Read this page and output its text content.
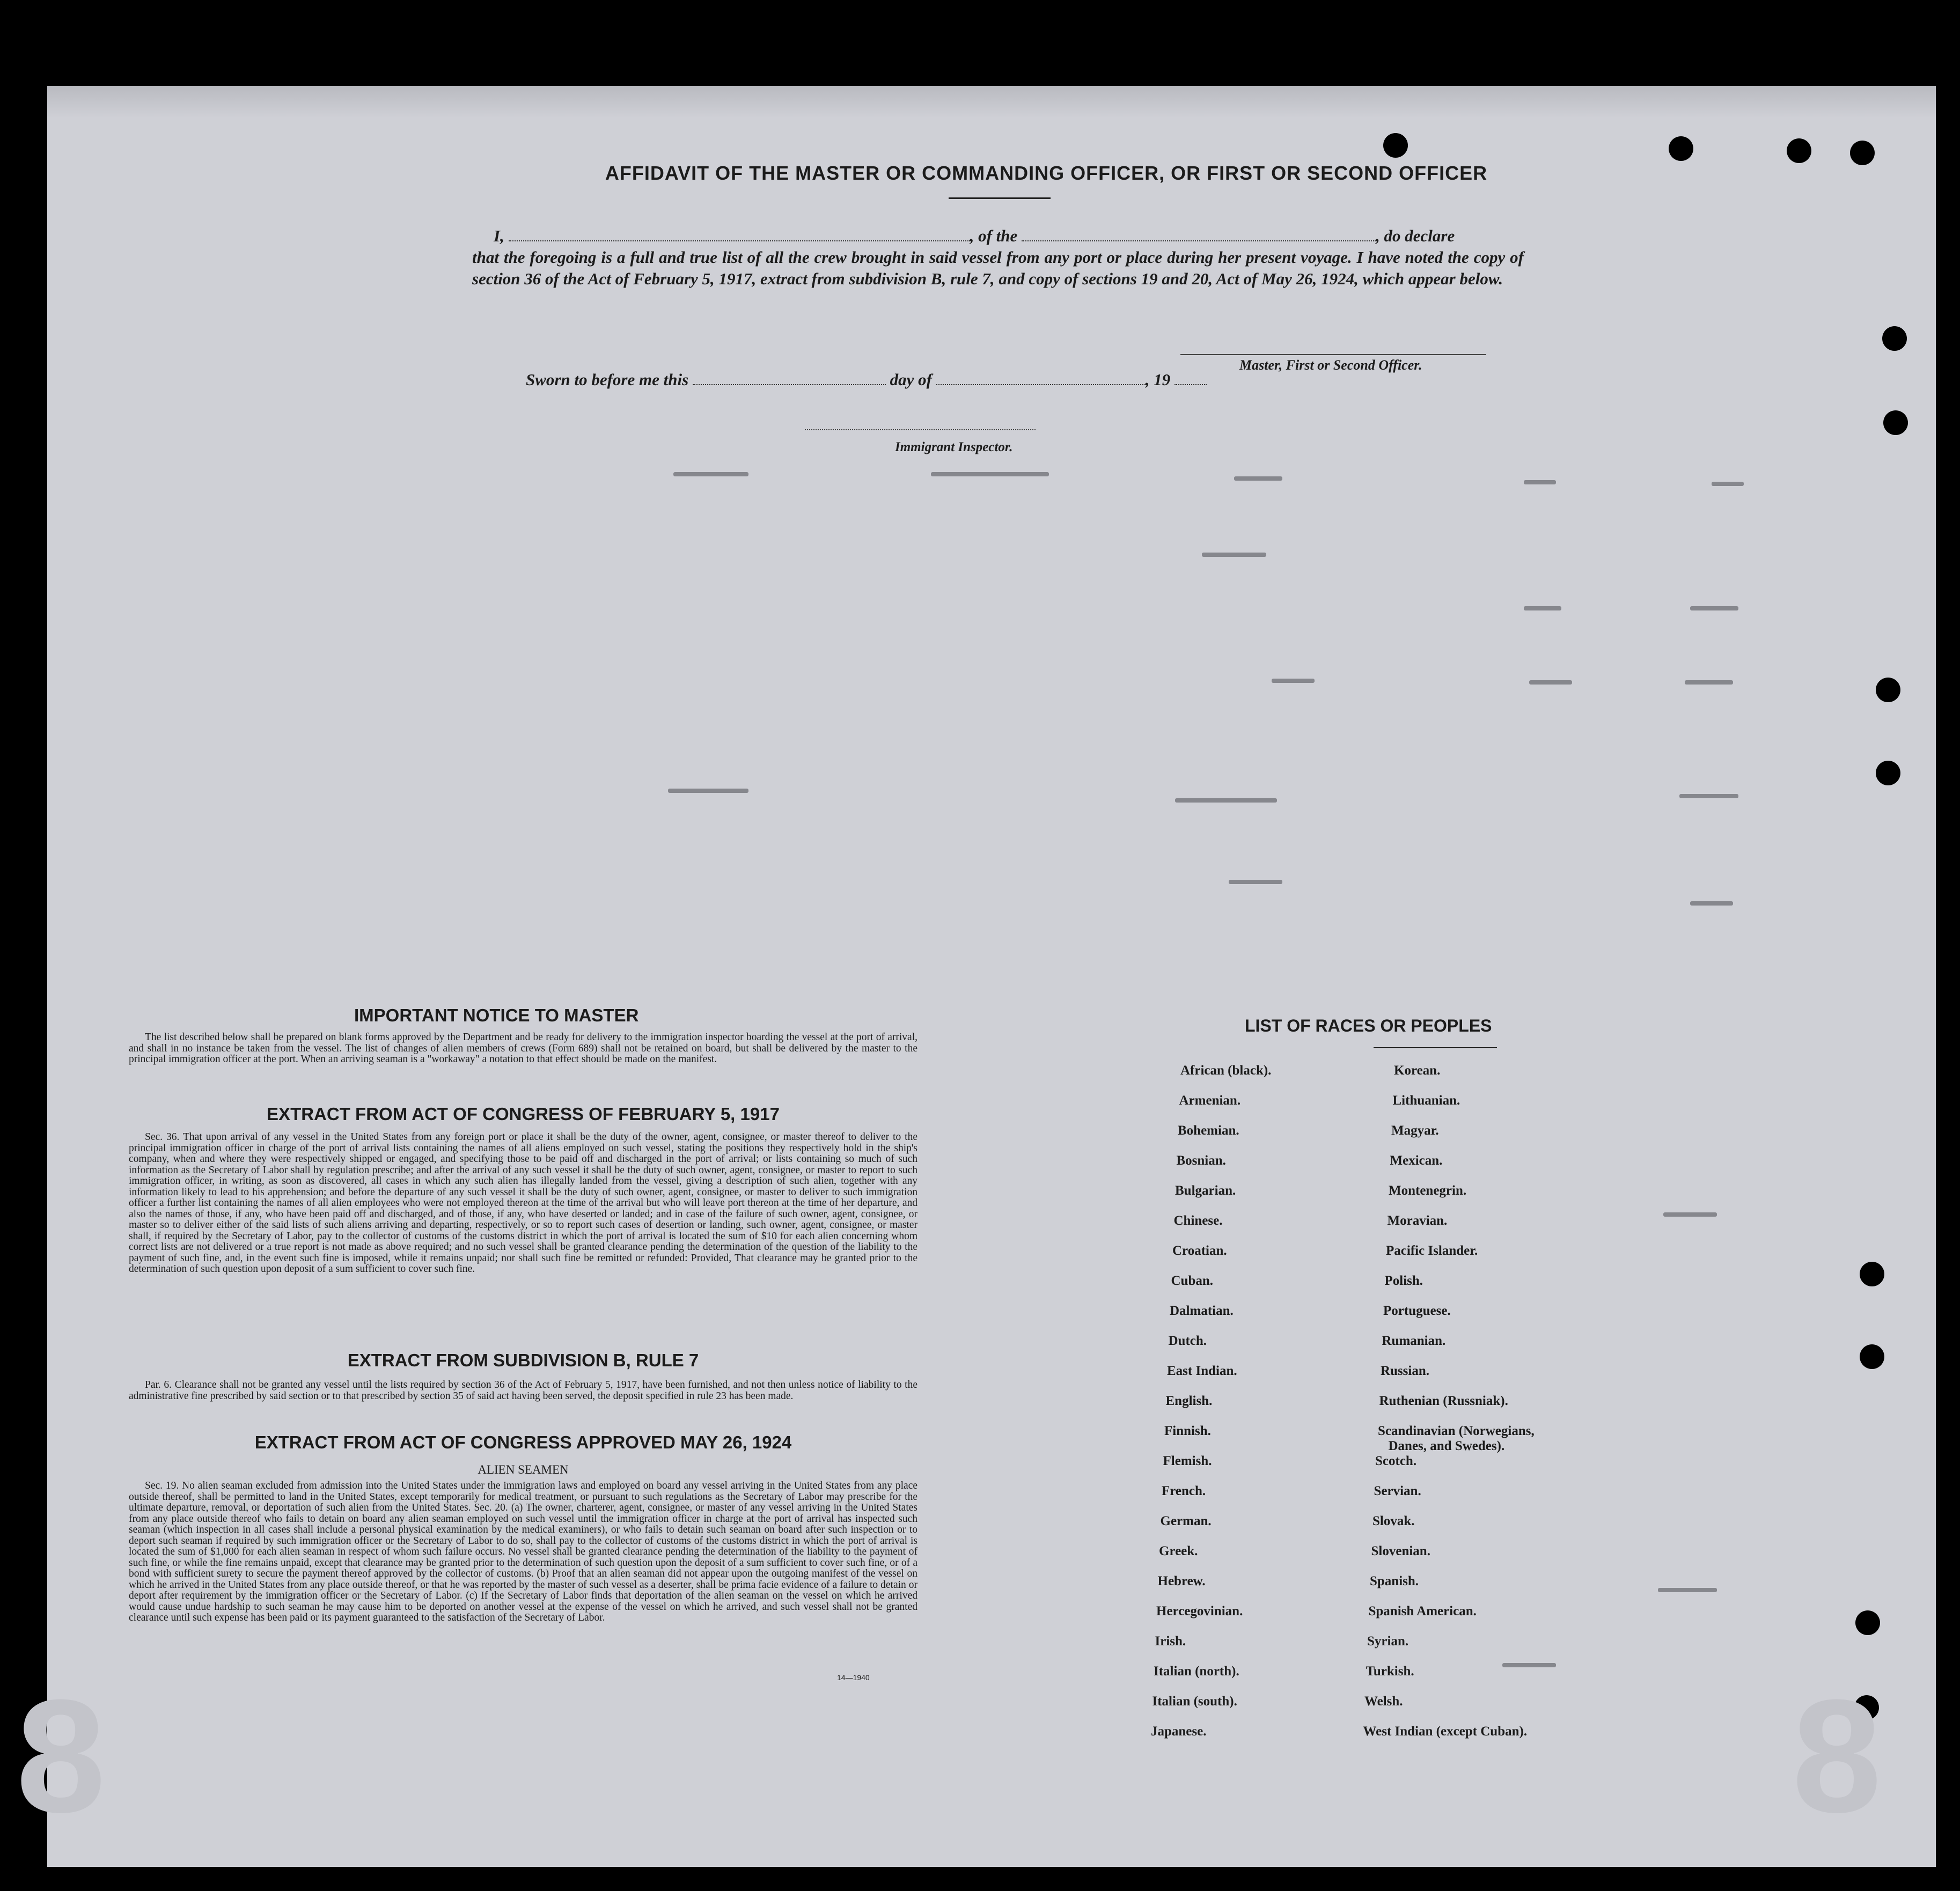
8	8
AFFIDAVIT OF THE MASTER OR COMMANDING OFFICER, OR FIRST OR SECOND OFFICER
I,	, of the	, do declare
that the foregoing is a full and true list of all the crew brought in said vessel from any port or place during her present voyage. I have noted the copy of section 36 of the Act of February 5, 1917, extract from subdivision B, rule 7, and copy of sections 19 and 20, Act of May 26, 1924, which appear below.
Master, First or Second Officer.
Sworn to before me this	day of	, 19
Immigrant Inspector.
IMPORTANT NOTICE TO MASTER
The list described below shall be prepared on blank forms approved by the Department and be ready for delivery to the immigration inspector boarding the vessel at the port of arrival, and shall in no instance be taken from the vessel. The list of changes of alien members of crews (Form 689) shall not be retained on board, but shall be delivered by the master to the principal immigration officer at the port. When an arriving seaman is a "workaway" a notation to that effect should be made on the manifest.
EXTRACT FROM ACT OF CONGRESS OF FEBRUARY 5, 1917
Sec. 36. That upon arrival of any vessel in the United States from any foreign port or place it shall be the duty of the owner, agent, consignee, or master thereof to deliver to the principal immigration officer in charge of the port of arrival lists containing the names of all aliens employed on such vessel, stating the positions they respectively hold in the ship's company, when and where they were respectively shipped or engaged, and specifying those to be paid off and discharged in the port of arrival; or lists containing so much of such information as the Secretary of Labor shall by regulation prescribe; and after the arrival of any such vessel it shall be the duty of such owner, agent, consignee, or master to report to such immigration officer, in writing, as soon as discovered, all cases in which any such alien has illegally landed from the vessel, giving a description of such alien, together with any information likely to lead to his apprehension; and before the departure of any such vessel it shall be the duty of such owner, agent, consignee, or master to deliver to such immigration officer a further list containing the names of all alien employees who were not employed thereon at the time of the arrival but who will leave port thereon at the time of her departure, and also the names of those, if any, who have been paid off and discharged, and of those, if any, who have deserted or landed; and in case of the failure of such owner, agent, consignee, or master so to deliver either of the said lists of such aliens arriving and departing, respectively, or so to report such cases of desertion or landing, such owner, agent, consignee, or master shall, if required by the Secretary of Labor, pay to the collector of customs of the customs district in which the port of arrival is located the sum of $10 for each alien concerning whom correct lists are not delivered or a true report is not made as above required; and no such vessel shall be granted clearance pending the determination of the question of the liability to the payment of such fine, and, in the event such fine is imposed, while it remains unpaid; nor shall such fine be remitted or refunded: Provided, That clearance may be granted prior to the determination of such question upon deposit of a sum sufficient to cover such fine.
EXTRACT FROM SUBDIVISION B, RULE 7
Par. 6. Clearance shall not be granted any vessel until the lists required by section 36 of the Act of February 5, 1917, have been furnished, and not then unless notice of liability to the administrative fine prescribed by said section or to that prescribed by section 35 of said act having been served, the deposit specified in rule 23 has been made.
EXTRACT FROM ACT OF CONGRESS APPROVED MAY 26, 1924
ALIEN SEAMEN
Sec. 19. No alien seaman excluded from admission into the United States under the immigration laws and employed on board any vessel arriving in the United States from any place outside thereof, shall be permitted to land in the United States, except temporarily for medical treatment, or pursuant to such regulations as the Secretary of Labor may prescribe for the ultimate departure, removal, or deportation of such alien from the United States. Sec. 20. (a) The owner, charterer, agent, consignee, or master of any vessel arriving in the United States from any place outside thereof who fails to detain on board any alien seaman employed on such vessel until the immigration officer in charge at the port of arrival has inspected such seaman (which inspection in all cases shall include a personal physical examination by the medical examiners), or who fails to detain such seaman on board after such inspection or to deport such seaman if required by such immigration officer or the Secretary of Labor to do so, shall pay to the collector of customs of the customs district in which the port of arrival is located the sum of $1,000 for each alien seaman in respect of whom such failure occurs. No vessel shall be granted clearance pending the determination of the liability to the payment of such fine, or while the fine remains unpaid, except that clearance may be granted prior to the determination of such question upon the deposit of a sum sufficient to cover such fine, or of a bond with sufficient surety to secure the payment thereof approved by the collector of customs. (b) Proof that an alien seaman did not appear upon the outgoing manifest of the vessel on which he arrived in the United States from any place outside thereof, or that he was reported by the master of such vessel as a deserter, shall be prima facie evidence of a failure to detain or deport after requirement by the immigration officer or the Secretary of Labor. (c) If the Secretary of Labor finds that deportation of the alien seaman on the vessel on which he arrived would cause undue hardship to such seaman he may cause him to be deported on another vessel at the expense of the vessel on which he arrived, and such vessel shall not be granted clearance until such expense has been paid or its payment guaranteed to the satisfaction of the Secretary of Labor.
14—1940
LIST OF RACES OR PEOPLES
African (black).
Armenian.
Bohemian.
Bosnian.
Bulgarian.
Chinese.
Croatian.
Cuban.
Dalmatian.
Dutch.
East Indian.
English.
Finnish.
Flemish.
French.
German.
Greek.
Hebrew.
Hercegovinian.
Irish.
Italian (north).
Italian (south).
Japanese.
Korean.
Lithuanian.
Magyar.
Mexican.
Montenegrin.
Moravian.
Pacific Islander.
Polish.
Portuguese.
Rumanian.
Russian.
Ruthenian (Russniak).
Scandinavian (Norwegians,
Danes, and Swedes).
Scotch.
Servian.
Slovak.
Slovenian.
Spanish.
Spanish American.
Syrian.
Turkish.
Welsh.
West Indian (except Cuban).
